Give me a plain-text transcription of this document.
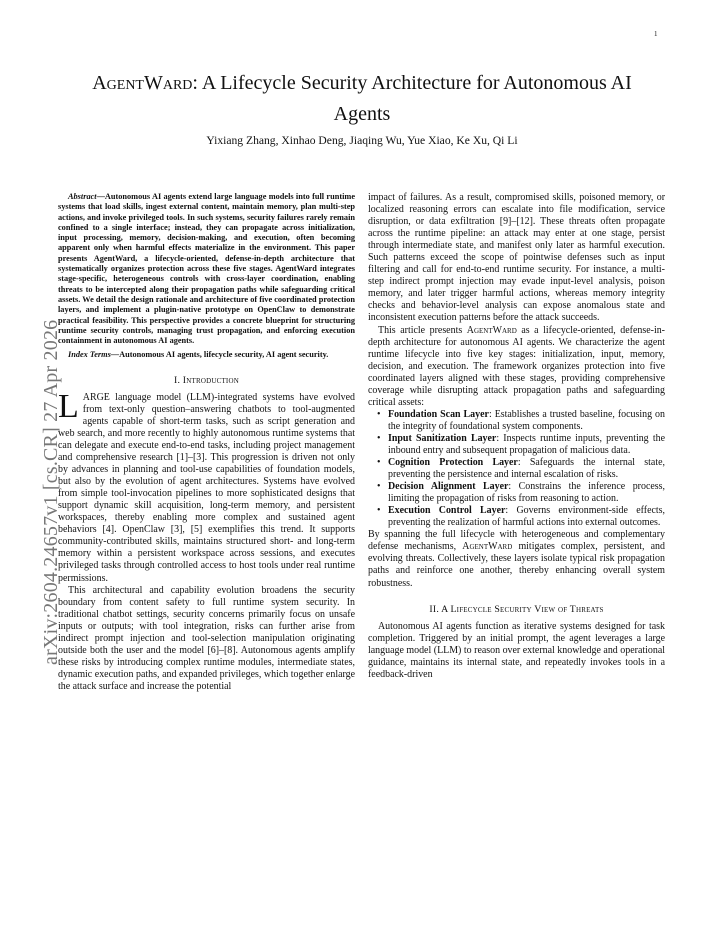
1
arXiv:2604.24657v1 [cs.CR] 27 Apr 2026
AgentWard: A Lifecycle Security Architecture for Autonomous AI
Agents
Yixiang Zhang, Xinhao Deng, Jiaqing Wu, Yue Xiao, Ke Xu, Qi Li

Abstract—Autonomous AI agents extend large language models into full runtime systems that load skills, ingest external content, maintain memory, plan multi-step actions, and invoke privileged tools. In such systems, security failures rarely remain confined to a single interface; instead, they can propagate across initialization, input processing, memory, decision-making, and execution, often becoming apparent only when harmful effects materialize in the environment. This paper presents AgentWard, a lifecycle-oriented, defense-in-depth architecture that systematically organizes protection across these five stages. AgentWard integrates stage-specific, heterogeneous controls with cross-layer coordination, enabling threats to be intercepted along their propagation paths while safeguarding critical assets. We detail the design rationale and architecture of five coordinated protection layers, and implement a plugin-native prototype on OpenClaw to demonstrate practical feasibility. This perspective provides a concrete blueprint for structuring runtime security controls, managing trust propagation, and enforcing execution containment in autonomous AI agents.

Index Terms—Autonomous AI agents, lifecycle security, AI agent security.

I. Introduction

LARGE language model (LLM)-integrated systems have evolved from text-only question–answering chatbots to tool-augmented agents capable of short-term tasks, such as script generation and web search, and more recently to highly autonomous runtime systems that can delegate and execute end-to-end tasks, including project management and comprehensive research [1]–[3]. This progression is driven not only by advances in planning and tool-use capabilities of foundation models, but also by the evolution of agent architectures. Systems have evolved from simple tool-invocation pipelines to more sophisticated designs that support dynamic skill acquisition, long-term memory, and persistent workspaces, thereby enabling more complex and sustained agent behaviors [4]. OpenClaw [3], [5] exemplifies this trend. It supports community-contributed skills, maintains structured short- and long-term memory within a persistent workspace across sessions, and executes privileged tasks through controlled access to host tools under real runtime permissions.

This architectural and capability evolution broadens the security boundary from content safety to full runtime system security. In traditional chatbot settings, security concerns primarily focus on unsafe inputs or outputs; with tool integration, risks can further arise from indirect prompt injection and tool-selection manipulation originating outside both the user and the model [6]–[8]. Autonomous agents amplify these risks by introducing complex runtime modules, intermediate states, dynamic execution paths, and expanded privileges, which together enlarge the attack surface and increase the potential

impact of failures. As a result, compromised skills, poisoned memory, or localized reasoning errors can escalate into file modification, service disruption, or data exfiltration [9]–[12]. These threats often propagate across the runtime pipeline: an attack may enter at one stage, persist through intermediate state, and manifest only later as harmful execution. Such patterns exceed the scope of pointwise defenses such as input filtering and call for end-to-end runtime security. For instance, a multi-step indirect prompt injection may evade input-level analysis, poison memory, and later trigger harmful actions, whereas memory integrity checks and behavior-level analysis can expose anomalous state and inconsistent execution patterns before the attack succeeds.

This article presents AgentWard as a lifecycle-oriented, defense-in-depth architecture for autonomous AI agents. We characterize the agent runtime lifecycle into five key stages: initialization, input, memory, decision, and execution. The framework organizes protection into five coordinated layers aligned with these stages, providing comprehensive coverage while disrupting attack propagation paths and safeguarding critical assets:

• Foundation Scan Layer: Establishes a trusted baseline, focusing on the integrity of foundational system components.
• Input Sanitization Layer: Inspects runtime inputs, preventing the inbound entry and subsequent propagation of malicious data.
• Cognition Protection Layer: Safeguards the internal state, preventing the persistence and internal escalation of risks.
• Decision Alignment Layer: Constrains the inference process, limiting the propagation of risks from reasoning to action.
• Execution Control Layer: Governs environment-side effects, preventing the realization of harmful actions into external outcomes.

By spanning the full lifecycle with heterogeneous and complementary defense mechanisms, AgentWard mitigates complex, persistent, and evolving threats. Collectively, these layers isolate typical risk propagation paths and reinforce one another, thereby enhancing overall system robustness.

II. A Lifecycle Security View of Threats

Autonomous AI agents function as iterative systems designed for task completion. Triggered by an initial prompt, the agent leverages a large language model (LLM) to reason over external knowledge and operational guidance, maintains its internal state, and repeatedly invokes tools in a feedback-driven
